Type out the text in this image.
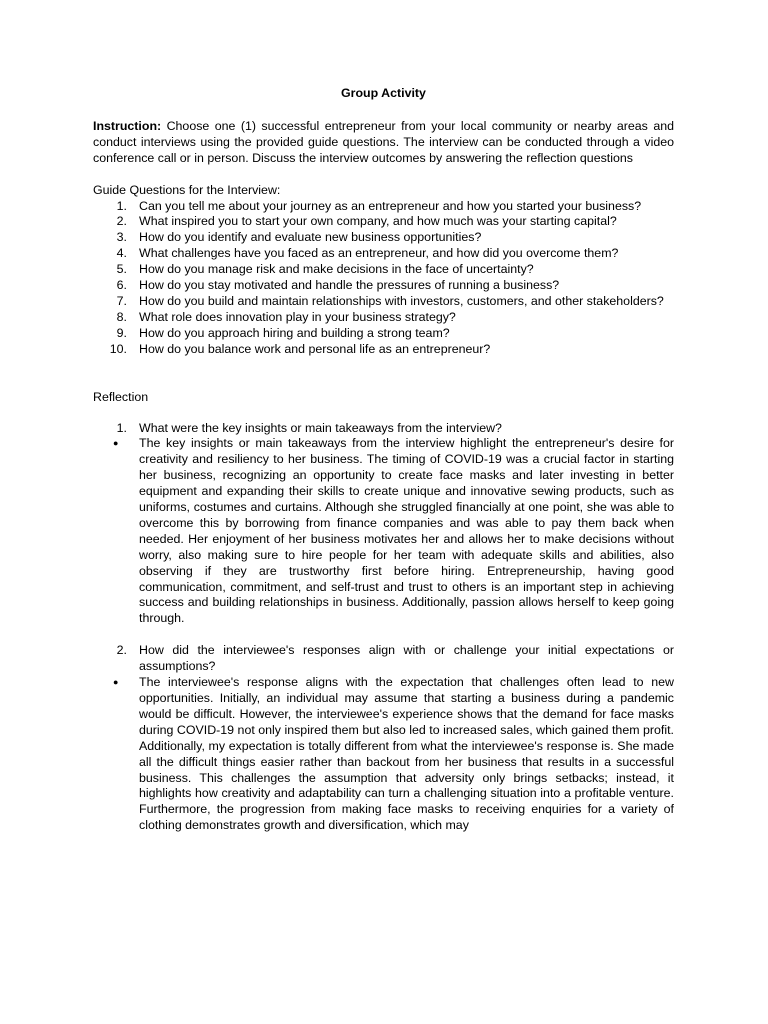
Group Activity
Instruction: Choose one (1) successful entrepreneur from your local community or nearby areas and conduct interviews using the provided guide questions. The interview can be conducted through a video conference call or in person. Discuss the interview outcomes by answering the reflection questions
Guide Questions for the Interview:
1. Can you tell me about your journey as an entrepreneur and how you started your business?
2. What inspired you to start your own company, and how much was your starting capital?
3. How do you identify and evaluate new business opportunities?
4. What challenges have you faced as an entrepreneur, and how did you overcome them?
5. How do you manage risk and make decisions in the face of uncertainty?
6. How do you stay motivated and handle the pressures of running a business?
7. How do you build and maintain relationships with investors, customers, and other stakeholders?
8. What role does innovation play in your business strategy?
9. How do you approach hiring and building a strong team?
10. How do you balance work and personal life as an entrepreneur?
Reflection
1. What were the key insights or main takeaways from the interview?
● The key insights or main takeaways from the interview highlight the entrepreneur's desire for creativity and resiliency to her business. The timing of COVID-19 was a crucial factor in starting her business, recognizing an opportunity to create face masks and later investing in better equipment and expanding their skills to create unique and innovative sewing products, such as uniforms, costumes and curtains. Although she struggled financially at one point, she was able to overcome this by borrowing from finance companies and was able to pay them back when needed. Her enjoyment of her business motivates her and allows her to make decisions without worry, also making sure to hire people for her team with adequate skills and abilities, also observing if they are trustworthy first before hiring. Entrepreneurship, having good communication, commitment, and self-trust and trust to others is an important step in achieving success and building relationships in business. Additionally, passion allows herself to keep going through.
2. How did the interviewee's responses align with or challenge your initial expectations or assumptions?
● The interviewee's response aligns with the expectation that challenges often lead to new opportunities. Initially, an individual may assume that starting a business during a pandemic would be difficult. However, the interviewee's experience shows that the demand for face masks during COVID-19 not only inspired them but also led to increased sales, which gained them profit. Additionally, my expectation is totally different from what the interviewee's response is. She made all the difficult things easier rather than backout from her business that results in a successful business. This challenges the assumption that adversity only brings setbacks; instead, it highlights how creativity and adaptability can turn a challenging situation into a profitable venture. Furthermore, the progression from making face masks to receiving enquiries for a variety of clothing demonstrates growth and diversification, which may
